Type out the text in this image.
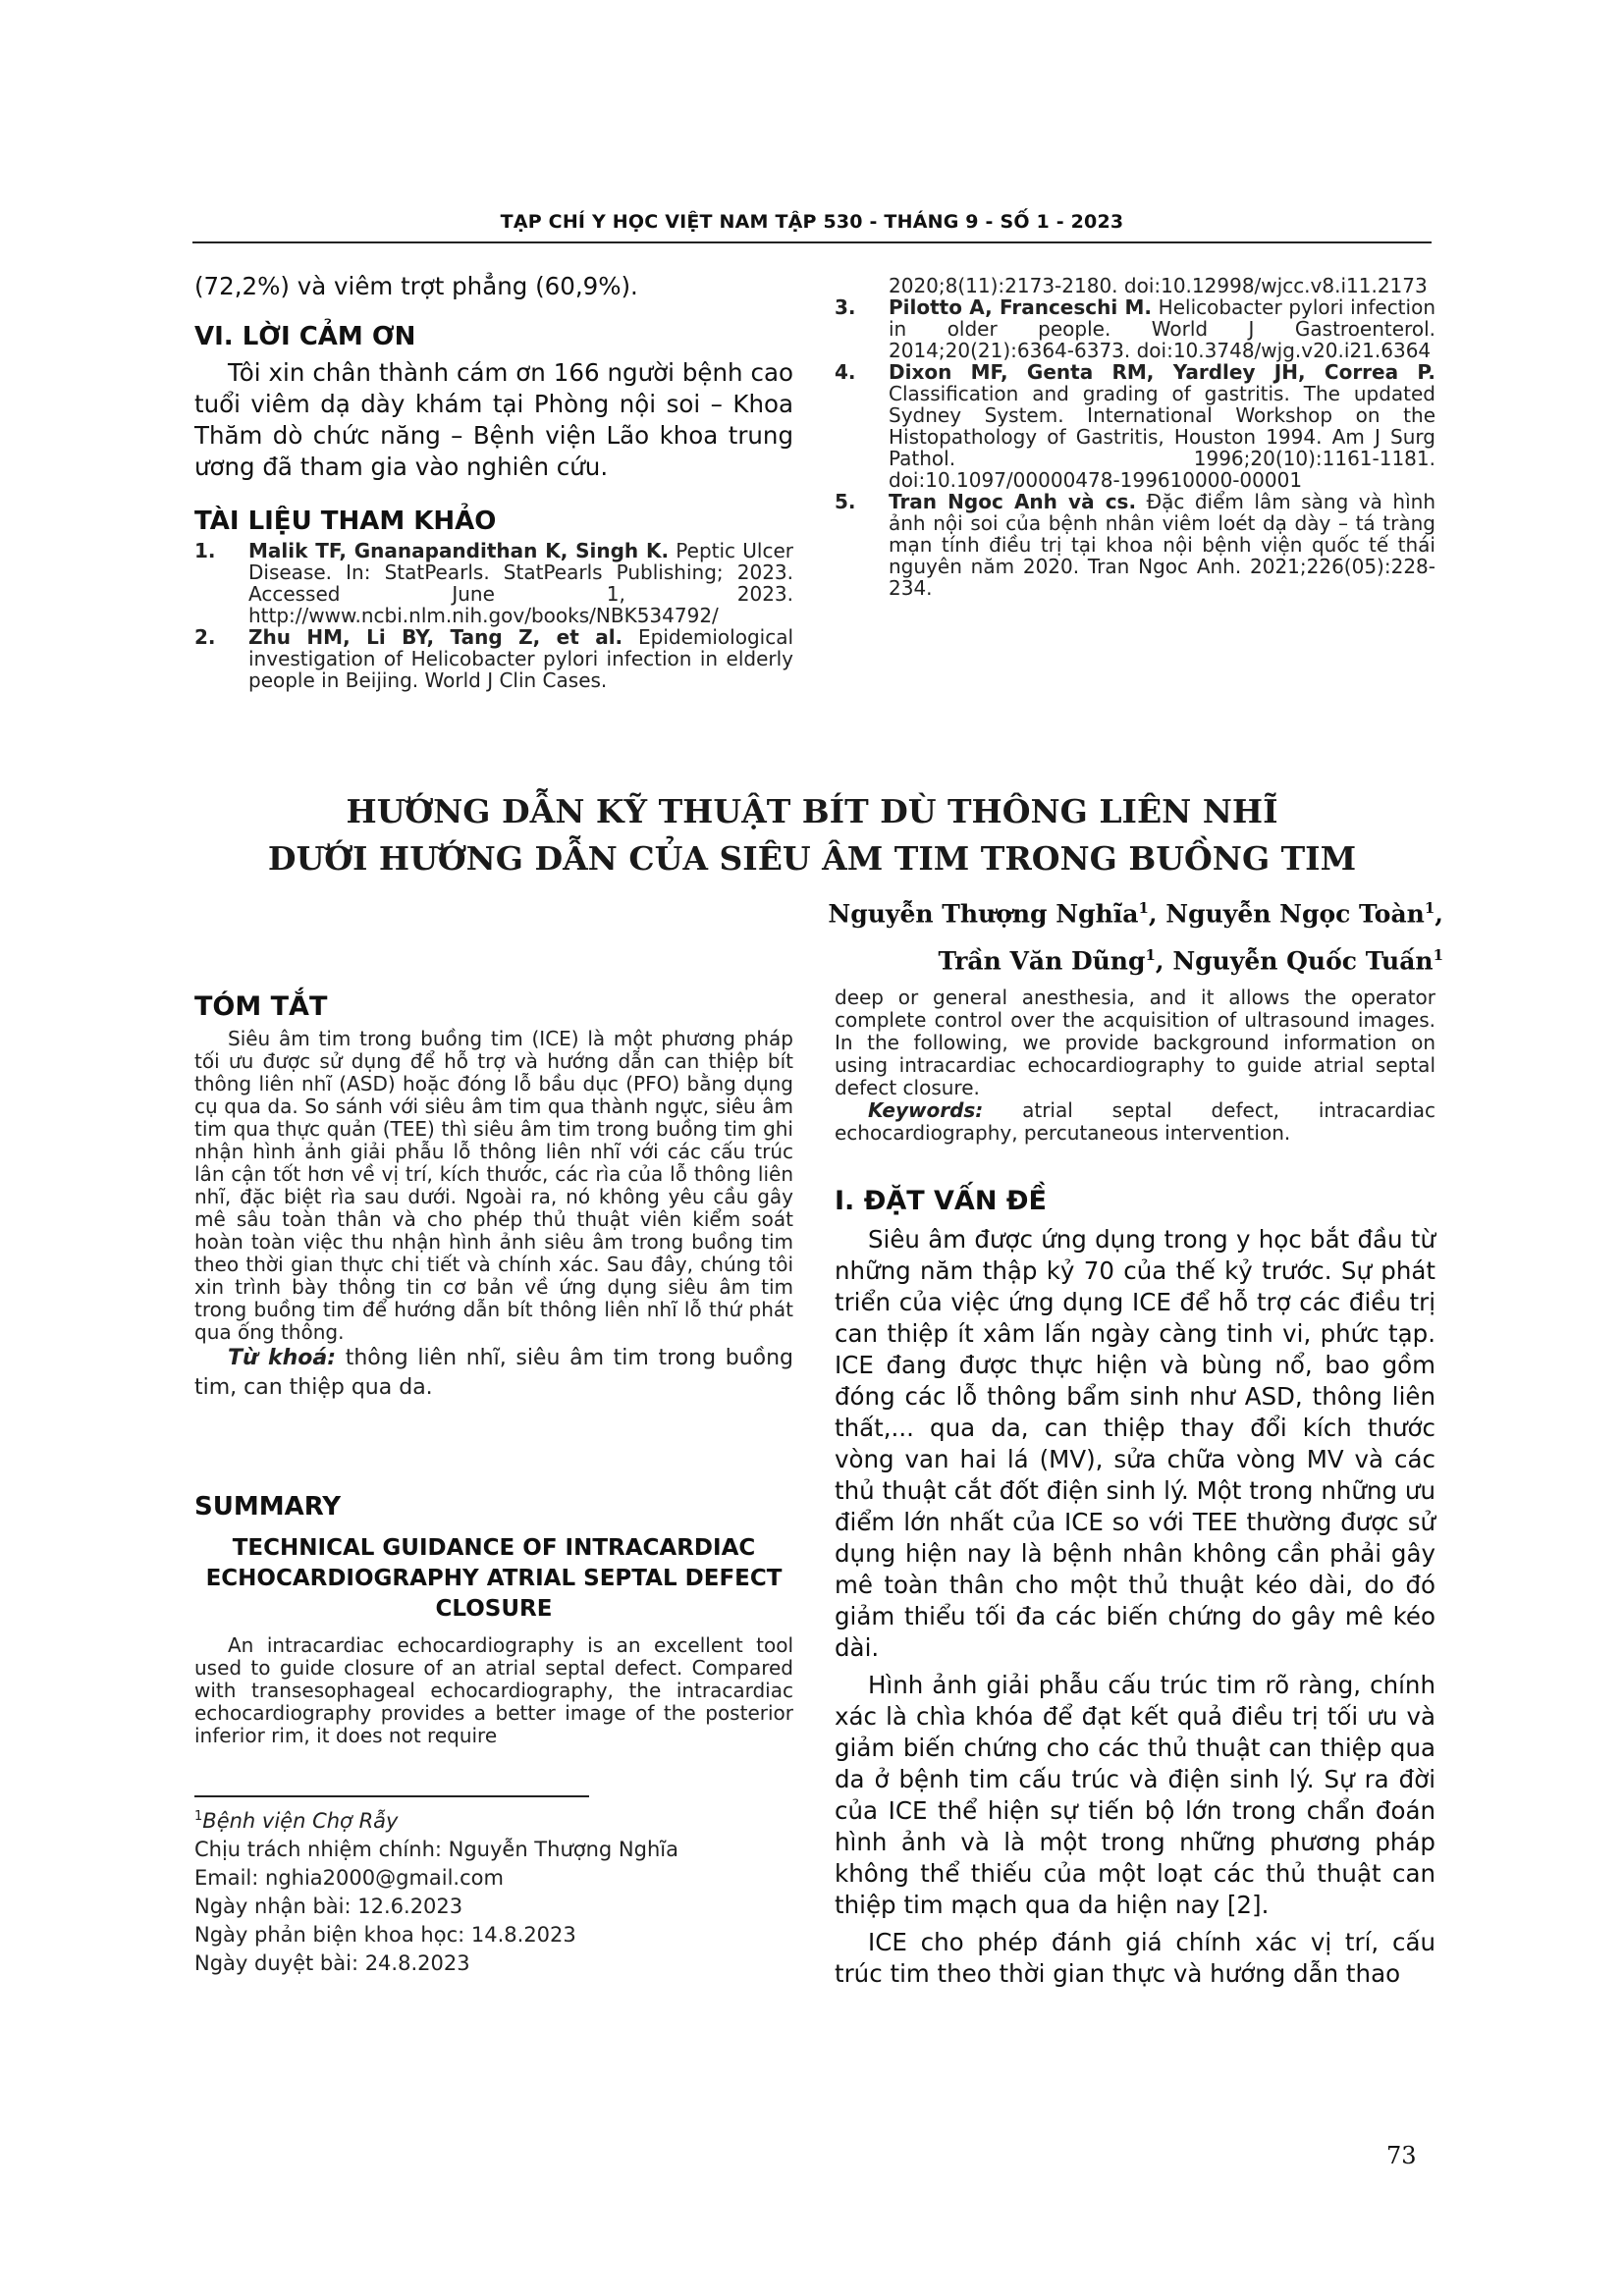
TẠP CHÍ Y HỌC VIỆT NAM TẬP 530 - THÁNG 9 - SỐ 1 - 2023

(72,2%) và viêm trợt phẳng (60,9%).

VI. LỜI CẢM ƠN

Tôi xin chân thành cám ơn 166 người bệnh cao tuổi viêm dạ dày khám tại Phòng nội soi – Khoa Thăm dò chức năng – Bệnh viện Lão khoa trung ương đã tham gia vào nghiên cứu.

TÀI LIỆU THAM KHẢO

1. Malik TF, Gnanapandithan K, Singh K. Peptic Ulcer Disease. In: StatPearls. StatPearls Publishing; 2023. Accessed June 1, 2023. http://www.ncbi.nlm.nih.gov/books/NBK534792/

2. Zhu HM, Li BY, Tang Z, et al. Epidemiological investigation of Helicobacter pylori infection in elderly people in Beijing. World J Clin Cases.

2020;8(11):2173-2180. doi:10.12998/wjcc.v8.i11.2173

3. Pilotto A, Franceschi M. Helicobacter pylori infection in older people. World J Gastroenterol. 2014;20(21):6364-6373. doi:10.3748/wjg.v20.i21.6364

4. Dixon MF, Genta RM, Yardley JH, Correa P. Classification and grading of gastritis. The updated Sydney System. International Workshop on the Histopathology of Gastritis, Houston 1994. Am J Surg Pathol. 1996;20(10):1161-1181. doi:10.1097/00000478-199610000-00001

5. Tran Ngoc Anh và cs. Đặc điểm lâm sàng và hình ảnh nội soi của bệnh nhân viêm loét dạ dày – tá tràng mạn tính điều trị tại khoa nội bệnh viện quốc tế thái nguyên năm 2020. Tran Ngoc Anh. 2021;226(05):228-234.

HƯỚNG DẪN KỸ THUẬT BÍT DÙ THÔNG LIÊN NHĨ
DƯỚI HƯỚNG DẪN CỦA SIÊU ÂM TIM TRONG BUỒNG TIM
Nguyễn Thượng Nghĩa$^1$, Nguyễn Ngọc Toàn$^1$,
Trần Văn Dũng$^1$, Nguyễn Quốc Tuấn$^1$
TÓM TẮT

Siêu âm tim trong buồng tim (ICE) là một phương pháp tối ưu được sử dụng để hỗ trợ và hướng dẫn can thiệp bít thông liên nhĩ (ASD) hoặc đóng lỗ bầu dục (PFO) bằng dụng cụ qua da. So sánh với siêu âm tim qua thành ngực, siêu âm tim qua thực quản (TEE) thì siêu âm tim trong buồng tim ghi nhận hình ảnh giải phẫu lỗ thông liên nhĩ với các cấu trúc lân cận tốt hơn về vị trí, kích thước, các rìa của lỗ thông liên nhĩ, đặc biệt rìa sau dưới. Ngoài ra, nó không yêu cầu gây mê sâu toàn thân và cho phép thủ thuật viên kiểm soát hoàn toàn việc thu nhận hình ảnh siêu âm trong buồng tim theo thời gian thực chi tiết và chính xác. Sau đây, chúng tôi xin trình bày thông tin cơ bản về ứng dụng siêu âm tim trong buồng tim để hướng dẫn bít thông liên nhĩ lỗ thứ phát qua ống thông.

Từ khoá: thông liên nhĩ, siêu âm tim trong buồng tim, can thiệp qua da.

SUMMARY
TECHNICAL GUIDANCE OF INTRACARDIAC ECHOCARDIOGRAPHY ATRIAL SEPTAL DEFECT CLOSURE

An intracardiac echocardiography is an excellent tool used to guide closure of an atrial septal defect. Compared with transesophageal echocardiography, the intracardiac echocardiography provides a better image of the posterior inferior rim, it does not require

$^1$Bệnh viện Chợ Rẫy
Chịu trách nhiệm chính: Nguyễn Thượng Nghĩa
Email: nghia2000@gmail.com
Ngày nhận bài: 12.6.2023
Ngày phản biện khoa học: 14.8.2023
Ngày duyệt bài: 24.8.2023

deep or general anesthesia, and it allows the operator complete control over the acquisition of ultrasound images. In the following, we provide background information on using intracardiac echocardiography to guide atrial septal defect closure.

Keywords: atrial septal defect, intracardiac echocardiography, percutaneous intervention.

I. ĐẶT VẤN ĐỀ

Siêu âm được ứng dụng trong y học bắt đầu từ những năm thập kỷ 70 của thế kỷ trước. Sự phát triển của việc ứng dụng ICE để hỗ trợ các điều trị can thiệp ít xâm lấn ngày càng tinh vi, phức tạp. ICE đang được thực hiện và bùng nổ, bao gồm đóng các lỗ thông bẩm sinh như ASD, thông liên thất,... qua da, can thiệp thay đổi kích thước vòng van hai lá (MV), sửa chữa vòng MV và các thủ thuật cắt đốt điện sinh lý. Một trong những ưu điểm lớn nhất của ICE so với TEE thường được sử dụng hiện nay là bệnh nhân không cần phải gây mê toàn thân cho một thủ thuật kéo dài, do đó giảm thiểu tối đa các biến chứng do gây mê kéo dài.

Hình ảnh giải phẫu cấu trúc tim rõ ràng, chính xác là chìa khóa để đạt kết quả điều trị tối ưu và giảm biến chứng cho các thủ thuật can thiệp qua da ở bệnh tim cấu trúc và điện sinh lý. Sự ra đời của ICE thể hiện sự tiến bộ lớn trong chẩn đoán hình ảnh và là một trong những phương pháp không thể thiếu của một loạt các thủ thuật can thiệp tim mạch qua da hiện nay [2].

ICE cho phép đánh giá chính xác vị trí, cấu trúc tim theo thời gian thực và hướng dẫn thao

73
